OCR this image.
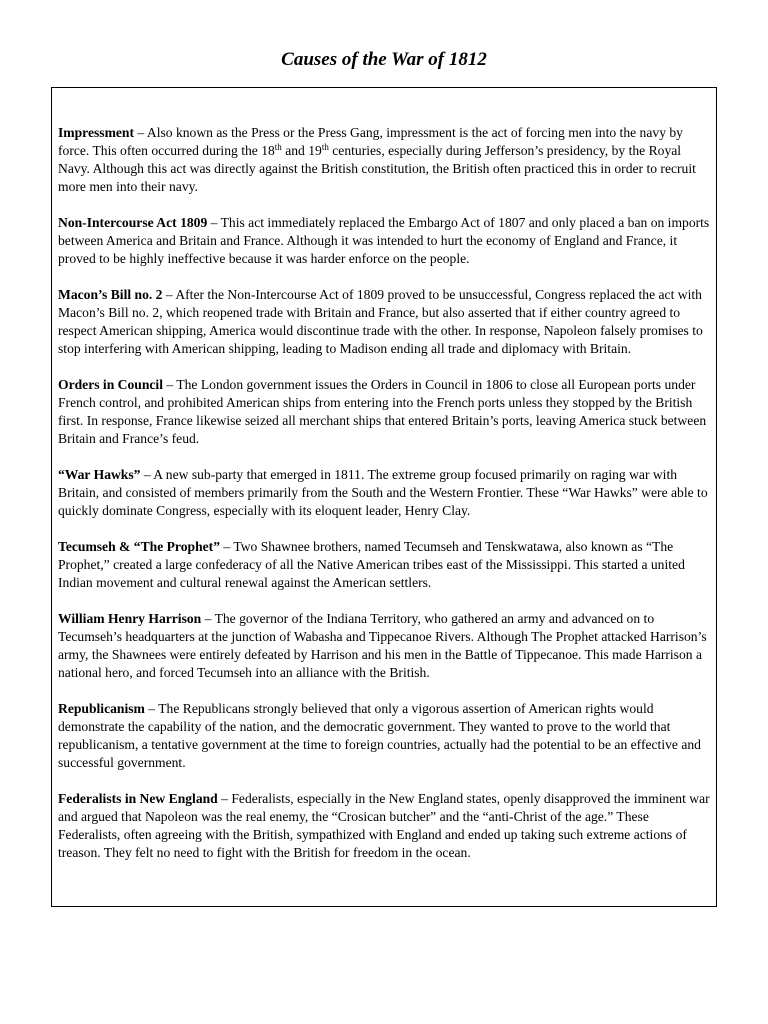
Causes of the War of 1812

Impressment – Also known as the Press or the Press Gang, impressment is the act of forcing men into the navy by force. This often occurred during the 18th and 19th centuries, especially during Jefferson’s presidency, by the Royal Navy. Although this act was directly against the British constitution, the British often practiced this in order to recruit more men into their navy.

Non-Intercourse Act 1809 – This act immediately replaced the Embargo Act of 1807 and only placed a ban on imports between America and Britain and France. Although it was intended to hurt the economy of England and France, it proved to be highly ineffective because it was harder enforce on the people.

Macon’s Bill no. 2 – After the Non-Intercourse Act of 1809 proved to be unsuccessful, Congress replaced the act with Macon’s Bill no. 2, which reopened trade with Britain and France, but also asserted that if either country agreed to respect American shipping, America would discontinue trade with the other. In response, Napoleon falsely promises to stop interfering with American shipping, leading to Madison ending all trade and diplomacy with Britain.

Orders in Council – The London government issues the Orders in Council in 1806 to close all European ports under French control, and prohibited American ships from entering into the French ports unless they stopped by the British first. In response, France likewise seized all merchant ships that entered Britain’s ports, leaving America stuck between Britain and France’s feud.

“War Hawks” – A new sub-party that emerged in 1811. The extreme group focused primarily on raging war with Britain, and consisted of members primarily from the South and the Western Frontier. These “War Hawks” were able to quickly dominate Congress, especially with its eloquent leader, Henry Clay.

Tecumseh & “The Prophet” – Two Shawnee brothers, named Tecumseh and Tenskwatawa, also known as “The Prophet,” created a large confederacy of all the Native American tribes east of the Mississippi. This started a united Indian movement and cultural renewal against the American settlers.

William Henry Harrison – The governor of the Indiana Territory, who gathered an army and advanced on to Tecumseh’s headquarters at the junction of Wabasha and Tippecanoe Rivers. Although The Prophet attacked Harrison’s army, the Shawnees were entirely defeated by Harrison and his men in the Battle of Tippecanoe. This made Harrison a national hero, and forced Tecumseh into an alliance with the British.

Republicanism – The Republicans strongly believed that only a vigorous assertion of American rights would demonstrate the capability of the nation, and the democratic government. They wanted to prove to the world that republicanism, a tentative government at the time to foreign countries, actually had the potential to be an effective and successful government.

Federalists in New England – Federalists, especially in the New England states, openly disapproved the imminent war and argued that Napoleon was the real enemy, the “Crosican butcher” and the “anti-Christ of the age.” These Federalists, often agreeing with the British, sympathized with England and ended up taking such extreme actions of treason. They felt no need to fight with the British for freedom in the ocean.
